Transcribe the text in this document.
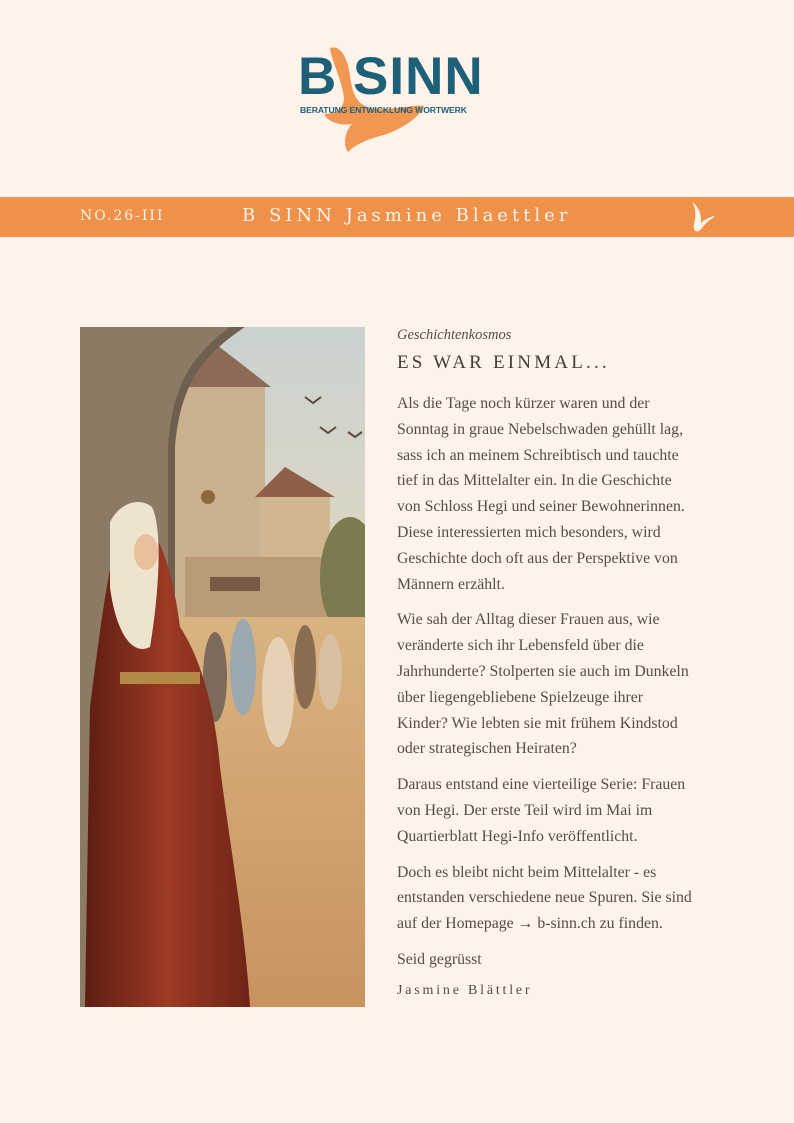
B SINN
BERATUNG ENTWICKLUNG WORTWERK
NO.26-III	B SINN Jasmine Blaettler
Geschichtenkosmos
ES WAR EINMAL...
Als die Tage noch kürzer waren und der
Sonntag in graue Nebelschwaden gehüllt lag,
sass ich an meinem Schreibtisch und tauchte
tief in das Mittelalter ein. In die Geschichte
von Schloss Hegi und seiner Bewohnerinnen.
Diese interessierten mich besonders, wird
Geschichte doch oft aus der Perspektive von
Männern erzählt.
Wie sah der Alltag dieser Frauen aus, wie
veränderte sich ihr Lebensfeld über die
Jahrhunderte? Stolperten sie auch im Dunkeln
über liegengebliebene Spielzeuge ihrer
Kinder? Wie lebten sie mit frühem Kindstod
oder strategischen Heiraten?
Daraus entstand eine vierteilige Serie: Frauen
von Hegi. Der erste Teil wird im Mai im
Quartierblatt Hegi-Info veröffentlicht.
Doch es bleibt nicht beim Mittelalter - es
entstanden verschiedene neue Spuren. Sie sind
auf der Homepage → b-sinn.ch zu finden.
Seid gegrüsst
Jasmine Blättler
